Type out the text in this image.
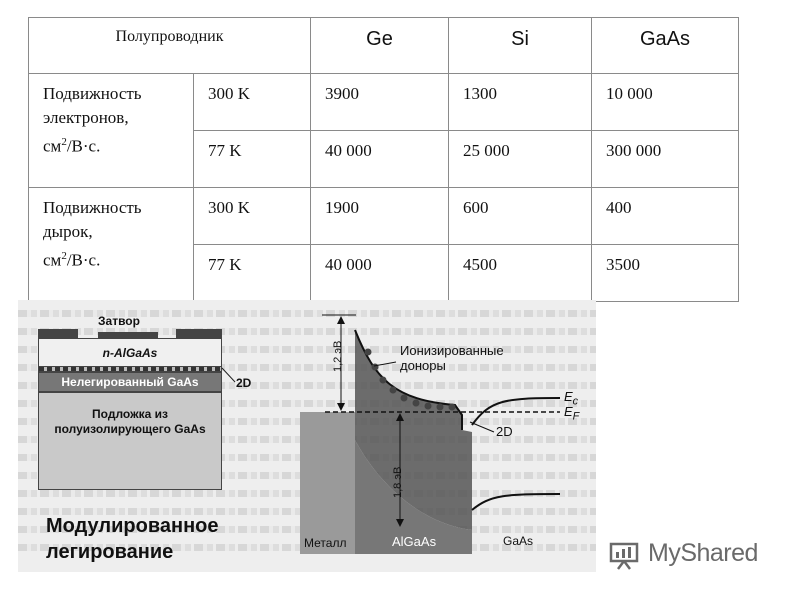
Полупроводник		Ge	Si	GaAs

Подвижность
электронов,
$см^2/В\cdot с$.	300 K	3900	1300	10 000

	77 K	40 000	25 000	300 000

Подвижность
дырок,
$см^2/В\cdot с$.	300 K	1900	600	400

	77 K	40 000	4500	3500
Затвор
n-AlGaAs
Нелегированный GaAs
Подложка из
полуизолирующего GaAs
2D
1,2 эВ
1,8 эВ
Ионизированные
доноры
$E_c$
$E_F$
2D
Металл	AlGaAs	GaAs
Модулированное
легирование	MyShared
